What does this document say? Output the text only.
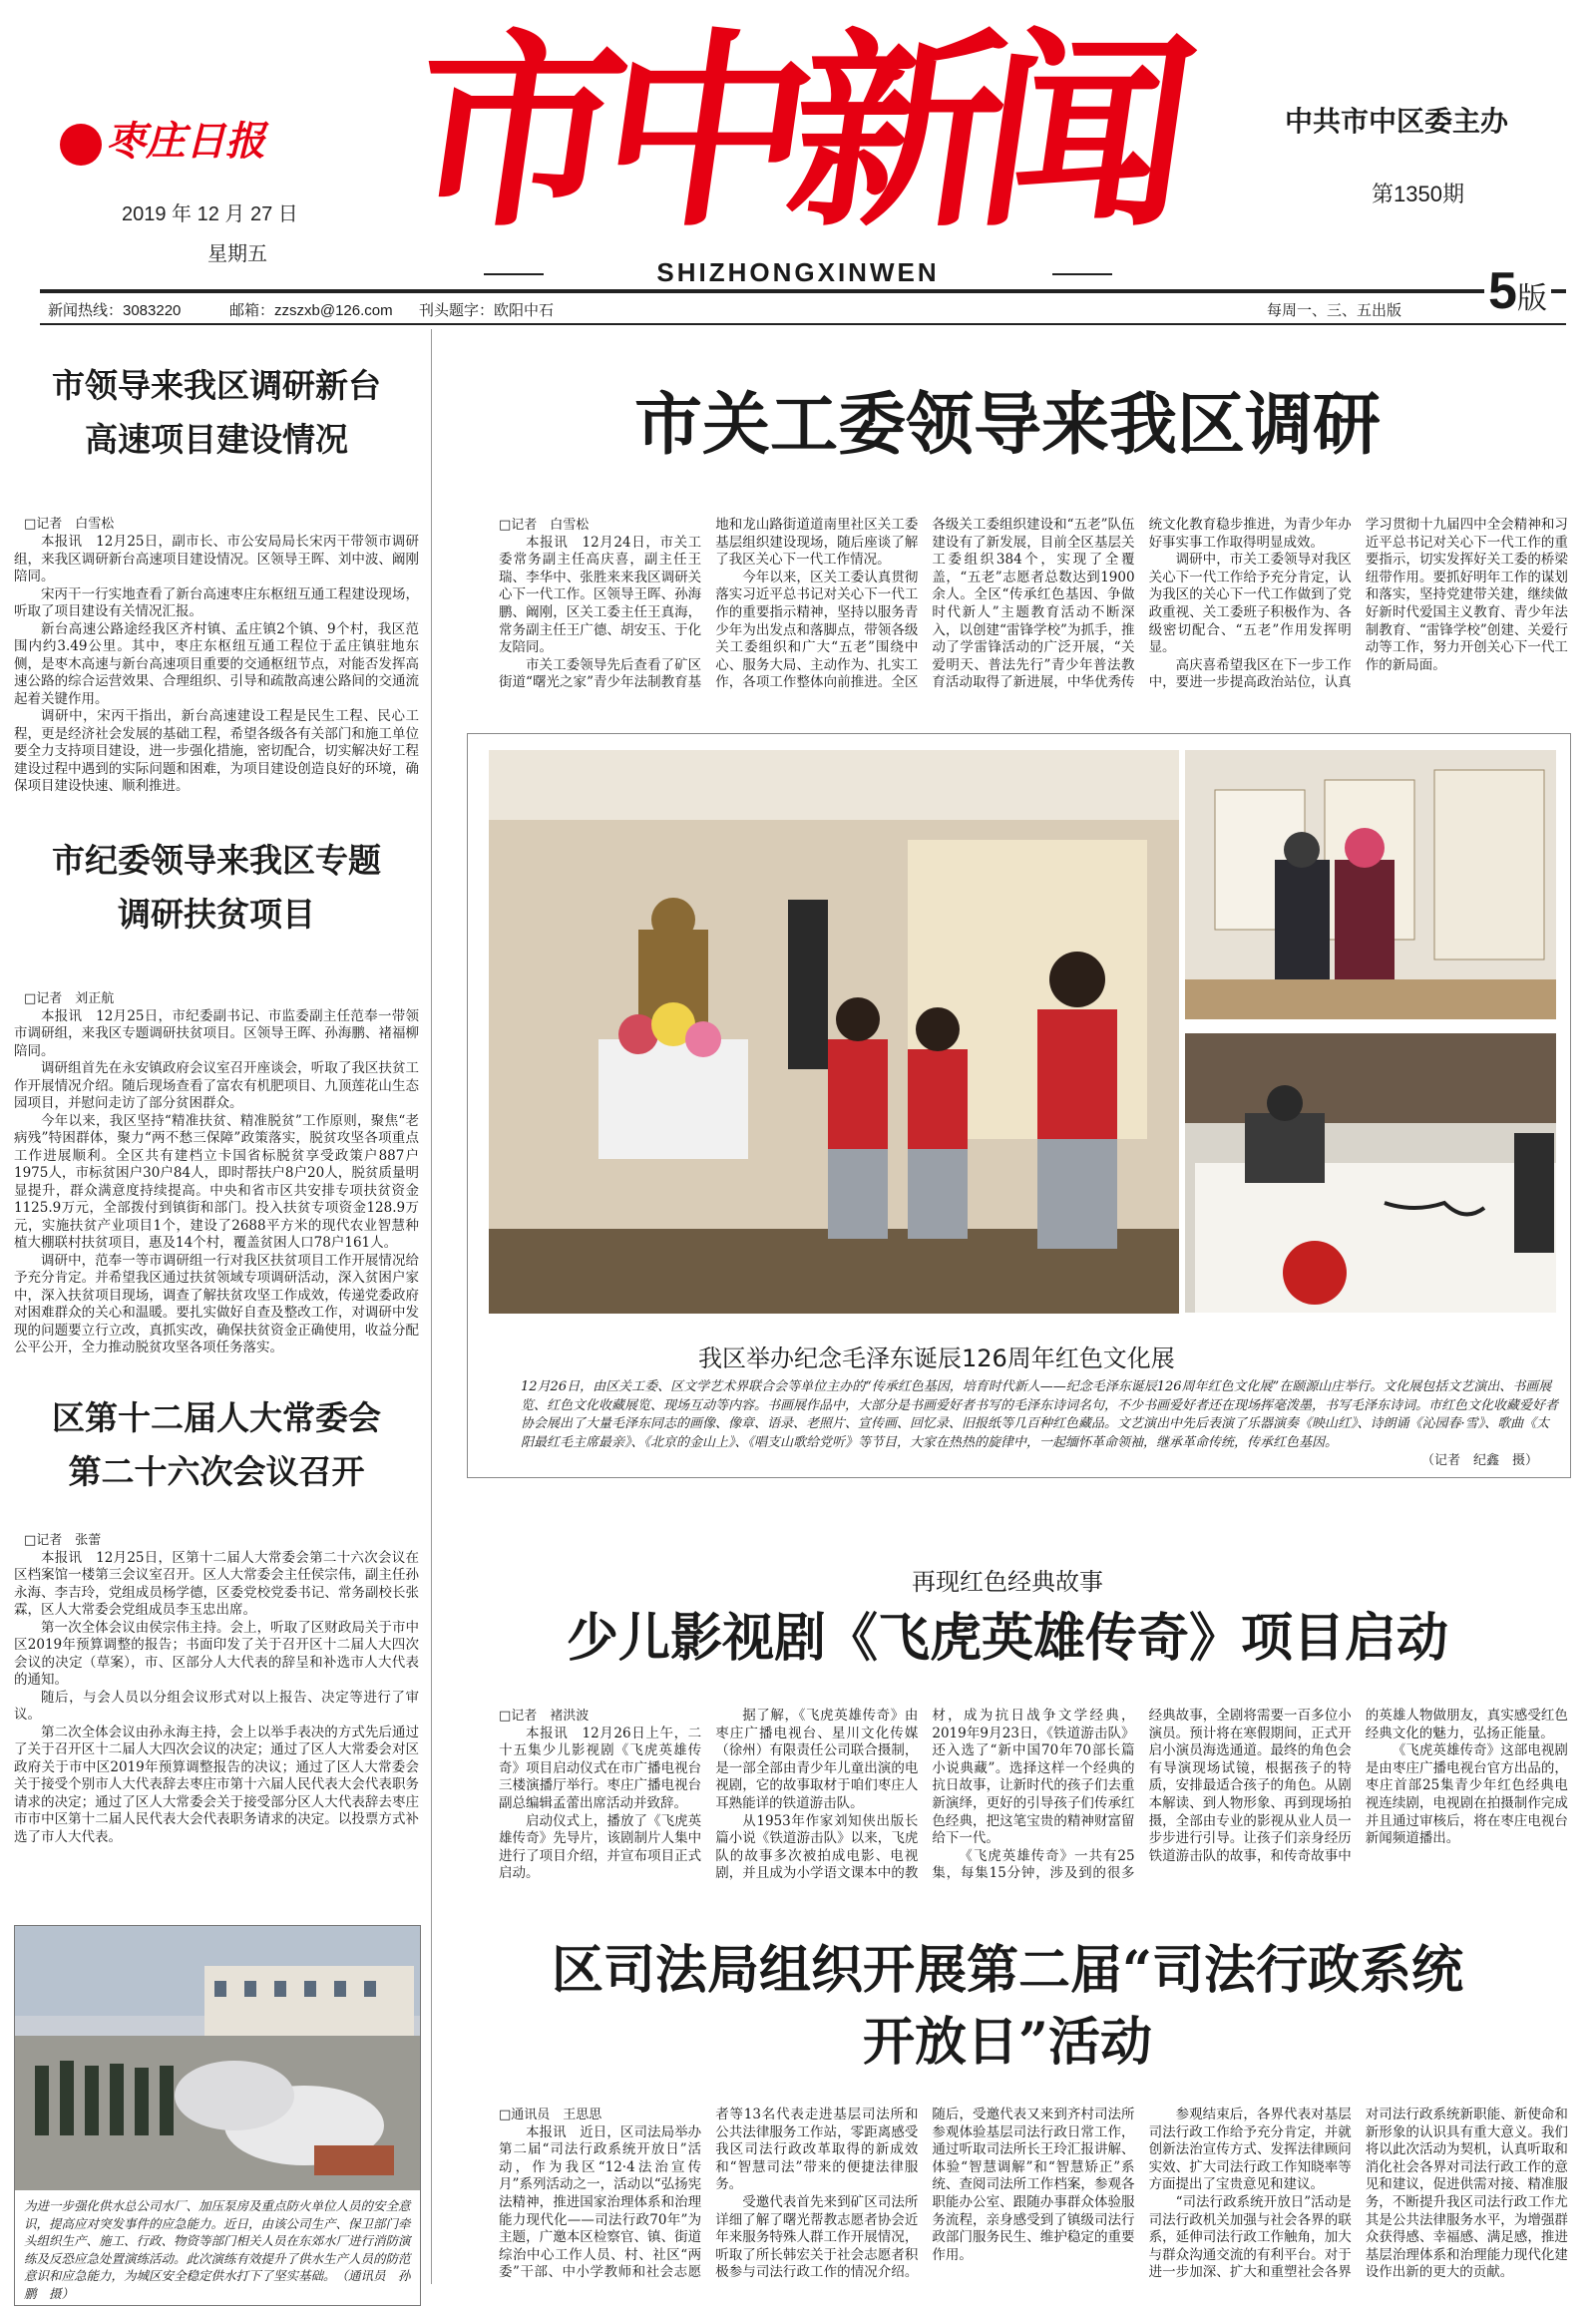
枣庄日报
2019 年 12 月 27 日
星期五 市中新闻
SHIZHONGXINWEN
中共市中区委主办
第1350期
新闻热线：3083220	邮箱：zzszxb@126.com 刊头题字：欧阳中石	每周一、三、五出版 5版
市领导来我区调研新台高速项目建设情况
□记者　白雪松

本报讯　12月25日，副市长、市公安局局长宋丙干带领市调研组，来我区调研新台高速项目建设情况。区领导王晖、刘中波、阚刚陪同。

宋丙干一行实地查看了新台高速枣庄东枢纽互通工程建设现场，听取了项目建设有关情况汇报。

新台高速公路途经我区齐村镇、孟庄镇2个镇、9个村，我区范围内约3.49公里。其中，枣庄东枢纽互通工程位于孟庄镇驻地东侧，是枣木高速与新台高速项目重要的交通枢纽节点，对能否发挥高速公路的综合运营效果、合理组织、引导和疏散高速公路间的交通流起着关键作用。

调研中，宋丙干指出，新台高速建设工程是民生工程、民心工程，更是经济社会发展的基础工程，希望各级各有关部门和施工单位要全力支持项目建设，进一步强化措施，密切配合，切实解决好工程建设过程中遇到的实际问题和困难，为项目建设创造良好的环境，确保项目建设快速、顺利推进。

市纪委领导来我区专题调研扶贫项目
□记者　刘正航

本报讯　12月25日，市纪委副书记、市监委副主任范奉一带领市调研组，来我区专题调研扶贫项目。区领导王晖、孙海鹏、褚福柳陪同。

调研组首先在永安镇政府会议室召开座谈会，听取了我区扶贫工作开展情况介绍。随后现场查看了富农有机肥项目、九顶莲花山生态园项目，并慰问走访了部分贫困群众。

今年以来，我区坚持“精准扶贫、精准脱贫”工作原则，聚焦“老病残”特困群体，聚力“两不愁三保障”政策落实，脱贫攻坚各项重点工作进展顺利。全区共有建档立卡国省标脱贫享受政策户887户1975人，市标贫困户30户84人，即时帮扶户8户20人，脱贫质量明显提升，群众满意度持续提高。中央和省市区共安排专项扶贫资金1125.9万元，全部拨付到镇街和部门。投入扶贫专项资金128.9万元，实施扶贫产业项目1个，建设了2688平方米的现代农业智慧种植大棚联村扶贫项目，惠及14个村，覆盖贫困人口78户161人。

调研中，范奉一等市调研组一行对我区扶贫项目工作开展情况给予充分肯定。并希望我区通过扶贫领域专项调研活动，深入贫困户家中，深入扶贫项目现场，调查了解扶贫攻坚工作成效，传递党委政府对困难群众的关心和温暖。要扎实做好自查及整改工作，对调研中发现的问题要立行立改，真抓实改，确保扶贫资金正确使用，收益分配公平公开，全力推动脱贫攻坚各项任务落实。

区第十二届人大常委会第二十六次会议召开
□记者　张蕾

本报讯　12月25日，区第十二届人大常委会第二十六次会议在区档案馆一楼第三会议室召开。区人大常委会主任侯宗伟，副主任孙永海、李吉玲，党组成员杨学德，区委党校党委书记、常务副校长张霖，区人大常委会党组成员李玉忠出席。

第一次全体会议由侯宗伟主持。会上，听取了区财政局关于市中区2019年预算调整的报告；书面印发了关于召开区十二届人大四次会议的决定（草案），市、区部分人大代表的辞呈和补选市人大代表的通知。

随后，与会人员以分组会议形式对以上报告、决定等进行了审议。

第二次全体会议由孙永海主持，会上以举手表决的方式先后通过了关于召开区十二届人大四次会议的决定；通过了区人大常委会对区政府关于市中区2019年预算调整报告的决议；通过了区人大常委会关于接受个别市人大代表辞去枣庄市第十六届人民代表大会代表职务请求的决定；通过了区人大常委会关于接受部分区人大代表辞去枣庄市市中区第十二届人民代表大会代表职务请求的决定。以投票方式补选了市人大代表。

为进一步强化供水总公司水厂、加压泵房及重点防火单位人员的安全意识，提高应对突发事件的应急能力。近日，由该公司生产、保卫部门牵头组织生产、施工、行政、物资等部门相关人员在东郊水厂进行消防演练及反恐应急处置演练活动。此次演练有效提升了供水生产人员的防范意识和应急能力，为城区安全稳定供水打下了坚实基础。　（通讯员　孙鹏　摄）
市关工委领导来我区调研
□记者　白雪松

本报讯　12月24日，市关工委常务副主任高庆喜，副主任王瑞、李华中、张胜来来我区调研关心下一代工作。区领导王晖、孙海鹏、阚刚，区关工委主任王真海，常务副主任王广德、胡安玉、于化友陪同。

市关工委领导先后查看了矿区街道“曙光之家”青少年法制教育基地和龙山路街道道南里社区关工委基层组织建设现场，随后座谈了解了我区关心下一代工作情况。

今年以来，区关工委认真贯彻落实习近平总书记对关心下一代工作的重要指示精神，坚持以服务青少年为出发点和落脚点，带领各级关工委组织和广大“五老”围绕中心、服务大局、主动作为、扎实工作，各项工作整体向前推进。全区各级关工委组织建设和“五老”队伍建设有了新发展，目前全区基层关工委组织384个，实现了全覆盖，“五老”志愿者总数达到1900余人。全区“传承红色基因、争做时代新人”主题教育活动不断深入，以创建“雷锋学校”为抓手，推动了学雷锋活动的广泛开展，“关爱明天、普法先行”青少年普法教育活动取得了新进展，中华优秀传统文化教育稳步推进，为青少年办好事实事工作取得明显成效。

调研中，市关工委领导对我区关心下一代工作给予充分肯定，认为我区的关心下一代工作做到了党政重视、关工委班子积极作为、各级密切配合、“五老”作用发挥明显。

高庆喜希望我区在下一步工作中，要进一步提高政治站位，认真学习贯彻十九届四中全会精神和习近平总书记对关心下一代工作的重要指示，切实发挥好关工委的桥梁纽带作用。要抓好明年工作的谋划和落实，坚持党建带关建，继续做好新时代爱国主义教育、青少年法制教育、“雷锋学校”创建、关爱行动等工作，努力开创关心下一代工作的新局面。

我区举办纪念毛泽东诞辰126周年红色文化展
12月26日，由区关工委、区文学艺术界联合会等单位主办的“传承红色基因，培育时代新人——纪念毛泽东诞辰126周年红色文化展”在颐源山庄举行。文化展包括文艺演出、书画展览、红色文化收藏展览、现场互动等内容。书画展作品中，大部分是书画爱好者书写的毛泽东诗词名句，不少书画爱好者还在现场挥毫泼墨，书写毛泽东诗词。市红色文化收藏爱好者协会展出了大量毛泽东同志的画像、像章、语录、老照片、宣传画、回忆录、旧报纸等几百种红色藏品。文艺演出中先后表演了乐器演奏《映山红》、诗朗诵《沁园春·雪》、歌曲《太阳最红毛主席最亲》、《北京的金山上》、《唱支山歌给党听》等节目，大家在热热的旋律中，一起缅怀革命领袖，继承革命传统，传承红色基因。
（记者　纪鑫　摄）
再现红色经典故事
少儿影视剧《飞虎英雄传奇》项目启动
□记者　褚洪波

本报讯　12月26日上午，二十五集少儿影视剧《飞虎英雄传奇》项目启动仪式在市广播电视台三楼演播厅举行。枣庄广播电视台副总编辑孟蕾出席活动并致辞。

启动仪式上，播放了《飞虎英雄传奇》先导片，该剧制片人集中进行了项目介绍，并宣布项目正式启动。

据了解，《飞虎英雄传奇》由枣庄广播电视台、星川文化传媒（徐州）有限责任公司联合摄制，是一部全部由青少年儿童出演的电视剧，它的故事取材于咱们枣庄人耳熟能详的铁道游击队。

从1953年作家刘知侠出版长篇小说《铁道游击队》以来，飞虎队的故事多次被拍成电影、电视剧，并且成为小学语文课本中的教材，成为抗日战争文学经典，2019年9月23日，《铁道游击队》还入选了“新中国70年70部长篇小说典藏”。选择这样一个经典的抗日故事，让新时代的孩子们去重新演绎，更好的引导孩子们传承红色经典，把这笔宝贵的精神财富留给下一代。

《飞虎英雄传奇》一共有25集，每集15分钟，涉及到的很多经典故事，全剧将需要一百多位小演员。预计将在寒假期间，正式开启小演员海选通道。最终的角色会有导演现场试镜，根据孩子的特质，安排最适合孩子的角色。从剧本解读、到人物形象、再到现场拍摄，全部由专业的影视从业人员一步步进行引导。让孩子们亲身经历铁道游击队的故事，和传奇故事中的英雄人物做朋友，真实感受红色经典文化的魅力，弘扬正能量。

《飞虎英雄传奇》这部电视剧是由枣庄广播电视台官方出品的，枣庄首部25集青少年红色经典电视连续剧，电视剧在拍摄制作完成并且通过审核后，将在枣庄电视台新闻频道播出。

区司法局组织开展第二届“司法行政系统
开放日”活动
□通讯员　王思思

本报讯　近日，区司法局举办第二届“司法行政系统开放日”活动，作为我区“12·4法治宣传月”系列活动之一，活动以“弘扬宪法精神，推进国家治理体系和治理能力现代化——司法行政70年”为主题，广邀本区检察官、镇、街道综治中心工作人员、村、社区“两委”干部、中小学教师和社会志愿者等13名代表走进基层司法所和公共法律服务工作站，零距离感受我区司法行政改革取得的新成效和“智慧司法”带来的便捷法律服务。

受邀代表首先来到矿区司法所详细了解了曙光帮教志愿者协会近年来服务特殊人群工作开展情况，听取了所长韩宏关于社会志愿者积极参与司法行政工作的情况介绍。随后，受邀代表又来到齐村司法所参观体验基层司法行政日常工作，通过听取司法所长王玲汇报讲解、体验“智慧调解”和“智慧矫正”系统、查阅司法所工作档案，参观各职能办公室、跟随办事群众体验服务流程，亲身感受到了镇级司法行政部门服务民生、维护稳定的重要作用。

参观结束后，各界代表对基层司法行政工作给予充分肯定，并就创新法治宣传方式、发挥法律顾问实效、扩大司法行政工作知晓率等方面提出了宝贵意见和建议。

“司法行政系统开放日”活动是司法行政机关加强与社会各界的联系，延伸司法行政工作触角，加大与群众沟通交流的有利平台。对于进一步加深、扩大和重塑社会各界对司法行政系统新职能、新使命和新形象的认识具有重大意义。我们将以此次活动为契机，认真听取和消化社会各界对司法行政工作的意见和建议，促进供需对接、精准服务，不断提升我区司法行政工作尤其是公共法律服务水平，为增强群众获得感、幸福感、满足感，推进基层治理体系和治理能力现代化建设作出新的更大的贡献。
